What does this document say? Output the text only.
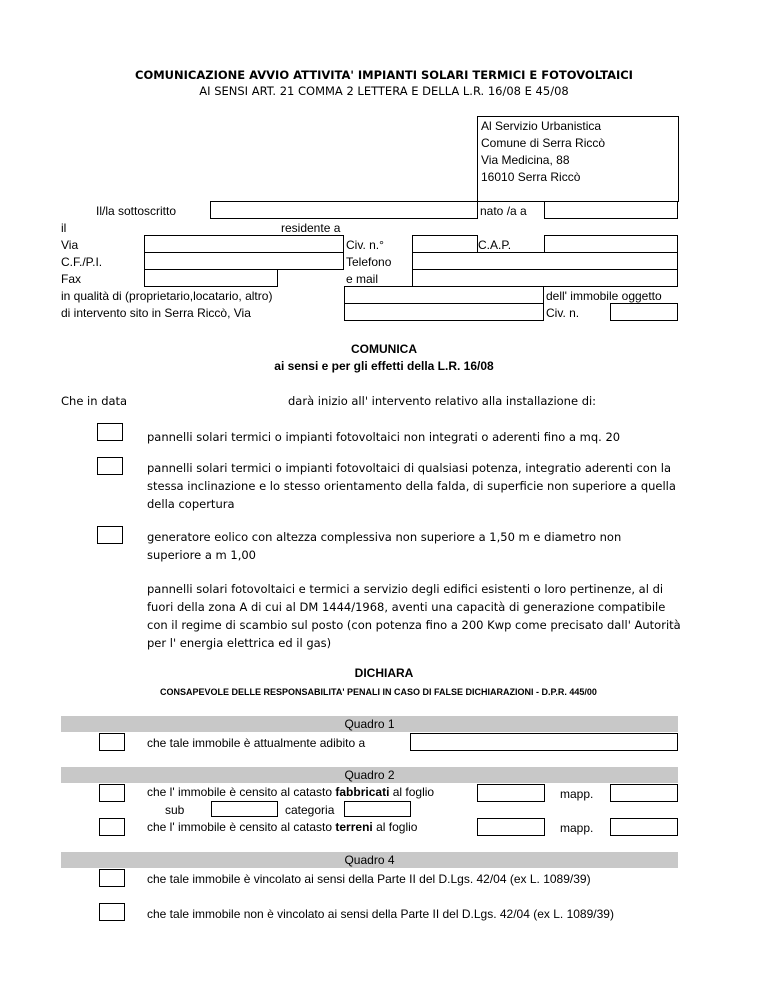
COMUNICAZIONE AVVIO ATTIVITA' IMPIANTI SOLARI TERMICI E FOTOVOLTAICI
AI SENSI ART. 21 COMMA 2 LETTERA E DELLA L.R. 16/08 E 45/08
Al Servizio Urbanistica
Comune di Serra Riccò
Via Medicina, 88
16010 Serra Riccò
Il/la sottoscritto	nato /a a
il	residente a
Via	Civ. n.°	C.A.P.
C.F./P.I.	Telefono
Fax	e mail
in qualità di (proprietario,locatario, altro)	dell' immobile oggetto
di intervento sito in Serra Riccò, Via	Civ. n.
COMUNICA
ai sensi e per gli effetti della L.R. 16/08
Che in data	darà inizio all' intervento relativo alla installazione di:
pannelli solari termici o impianti fotovoltaici non integrati o aderenti fino a mq. 20
pannelli solari termici o impianti fotovoltaici di qualsiasi potenza, integratio aderenti con la stessa inclinazione e lo stesso orientamento della falda, di superficie non superiore a quella della copertura
generatore eolico con altezza complessiva non superiore a 1,50 m e diametro non superiore a m 1,00
pannelli solari fotovoltaici e termici a servizio degli edifici esistenti o loro pertinenze, al di fuori della zona A di cui al DM 1444/1968, aventi una capacità di generazione compatibile con il regime di scambio sul posto (con potenza fino a 200 Kwp come precisato dall' Autorità per l' energia elettrica ed il gas)
DICHIARA
CONSAPEVOLE DELLE RESPONSABILITA' PENALI IN CASO DI FALSE DICHIARAZIONI - D.P.R. 445/00
Quadro 1
che tale immobile è attualmente adibito a
Quadro 2
che l' immobile è censito al catasto fabbricati al foglio	mapp.
sub	categoria
che l' immobile è censito al catasto terreni al foglio	mapp.
Quadro 4
che tale immobile è vincolato ai sensi della Parte II del D.Lgs. 42/04 (ex L. 1089/39)
che tale immobile non è vincolato ai sensi della Parte II del D.Lgs. 42/04 (ex L. 1089/39)
